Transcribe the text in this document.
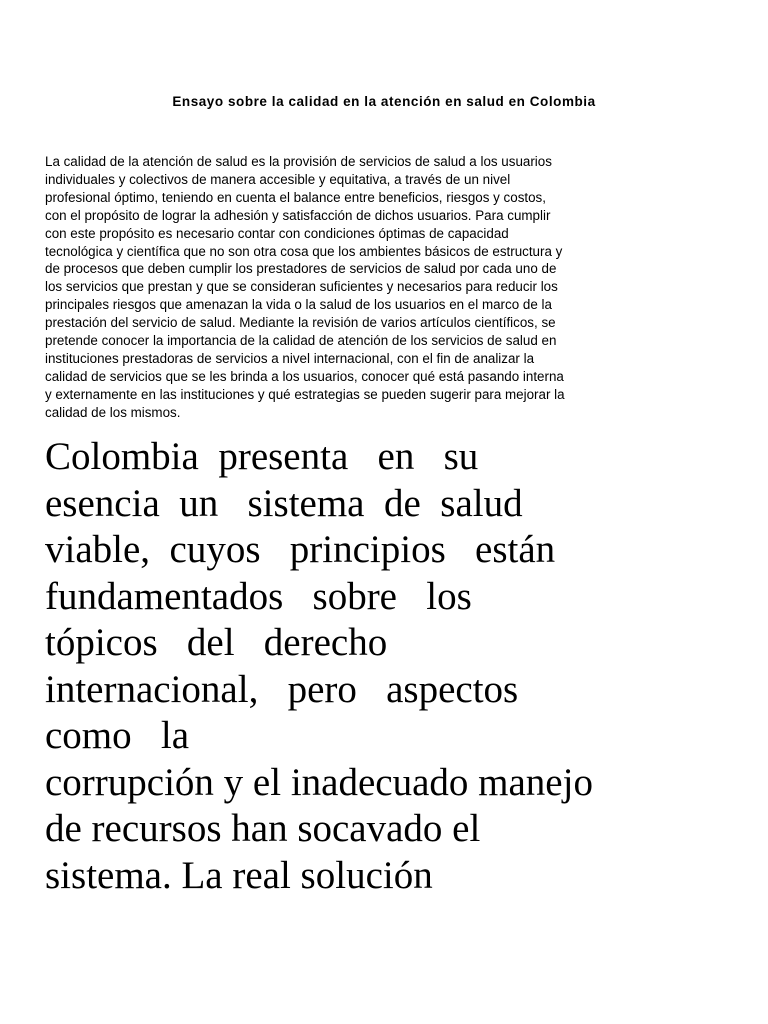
Ensayo sobre la calidad en la atención en salud en Colombia
La calidad de la atención de salud es la provisión de servicios de salud a los usuarios
individuales y colectivos de manera accesible y equitativa, a través de un nivel
profesional óptimo, teniendo en cuenta el balance entre beneficios, riesgos y costos,
con el propósito de lograr la adhesión y satisfacción de dichos usuarios. Para cumplir
con este propósito es necesario contar con condiciones óptimas de capacidad
tecnológica y científica que no son otra cosa que los ambientes básicos de estructura y
de procesos que deben cumplir los prestadores de servicios de salud por cada uno de
los servicios que prestan y que se consideran suficientes y necesarios para reducir los
principales riesgos que amenazan la vida o la salud de los usuarios en el marco de la
prestación del servicio de salud. Mediante la revisión de varios artículos científicos, se
pretende conocer la importancia de la calidad de atención de los servicios de salud en
instituciones prestadoras de servicios a nivel internacional, con el fin de analizar la
calidad de servicios que se les brinda a los usuarios, conocer qué está pasando interna
y externamente en las instituciones y qué estrategias se pueden sugerir para mejorar la
calidad de los mismos.
Colombia  presenta   en   su
esencia  un   sistema  de  salud
viable,  cuyos   principios   están
fundamentados   sobre   los
tópicos   del   derecho
internacional,   pero   aspectos
como   la
corrupción y el inadecuado manejo
de recursos han socavado el
sistema. La real solución
